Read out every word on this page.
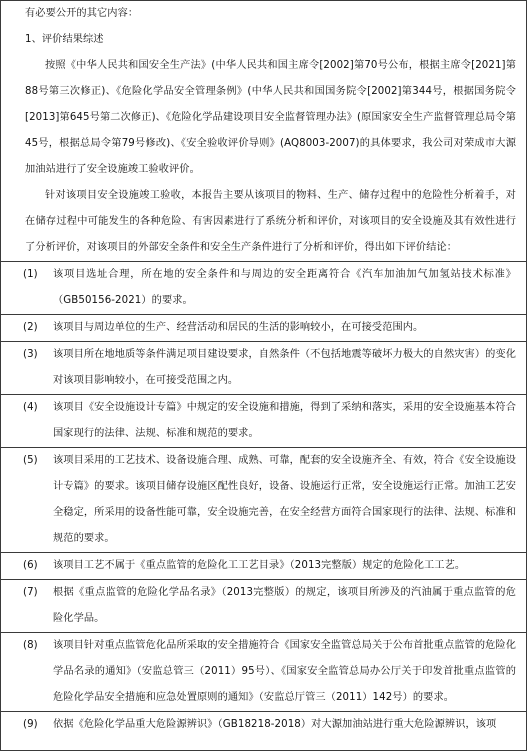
有必要公开的其它内容：
1、评价结果综述

按照《中华人民共和国安全生产法》(中华人民共和国主席令[2002]第70号公布，根据主席令[2021]第88号第三次修正)、《危险化学品安全管理条例》(中华人民共和国国务院令[2002]第344号，根据国务院令[2013]第645号第二次修正)、《危险化学品建设项目安全监督管理办法》(原国家安全生产监督管理总局令第45号，根据总局令第79号修改)、《安全验收评价导则》(AQ8003-2007)的具体要求，我公司对荣成市大源加油站进行了安全设施竣工验收评价。

针对该项目安全设施竣工验收，本报告主要从该项目的物料、生产、储存过程中的危险性分析着手，对在储存过程中可能发生的各种危险、有害因素进行了系统分析和评价，对该项目的安全设施及其有效性进行了分析评价，对该项目的外部安全条件和安全生产条件进行了分析和评价，得出如下评价结论：

(1) 该项目选址合理，所在地的安全条件和与周边的安全距离符合《汽车加油加气加氢站技术标准》（GB50156-2021）的要求。
(2) 该项目与周边单位的生产、经营活动和居民的生活的影响较小，在可接受范围内。
(3) 该项目所在地地质等条件满足项目建设要求，自然条件（不包括地震等破坏力极大的自然灾害）的变化对该项目影响较小，在可接受范围之内。
(4) 该项目《安全设施设计专篇》中规定的安全设施和措施，得到了采纳和落实，采用的安全设施基本符合国家现行的法律、法规、标准和规范的要求。
(5) 该项目采用的工艺技术、设备设施合理、成熟、可靠，配套的安全设施齐全、有效，符合《安全设施设计专篇》的要求。该项目储存设施区配性良好，设备、设施运行正常，安全设施运行正常。加油工艺安全稳定，所采用的设备性能可靠，安全设施完善，在安全经营方面符合国家现行的法律、法规、标准和规范的要求。
(6) 该项目工艺不属于《重点监管的危险化工工艺目录》（2013完整版）规定的危险化工工艺。
(7) 根据《重点监管的危险化学品名录》（2013完整版）的规定，该项目所涉及的汽油属于重点监管的危险化学品。
(8) 该项目针对重点监管危化品所采取的安全措施符合《国家安全监管总局关于公布首批重点监管的危险化学品名录的通知》（安监总管三（2011）95号）、《国家安全监管总局办公厅关于印发首批重点监管的危险化学品安全措施和应急处置原则的通知》（安监总厅管三（2011）142号）的要求。
(9) 依据《危险化学品重大危险源辨识》（GB18218-2018）对大源加油站进行重大危险源辨识，该项
